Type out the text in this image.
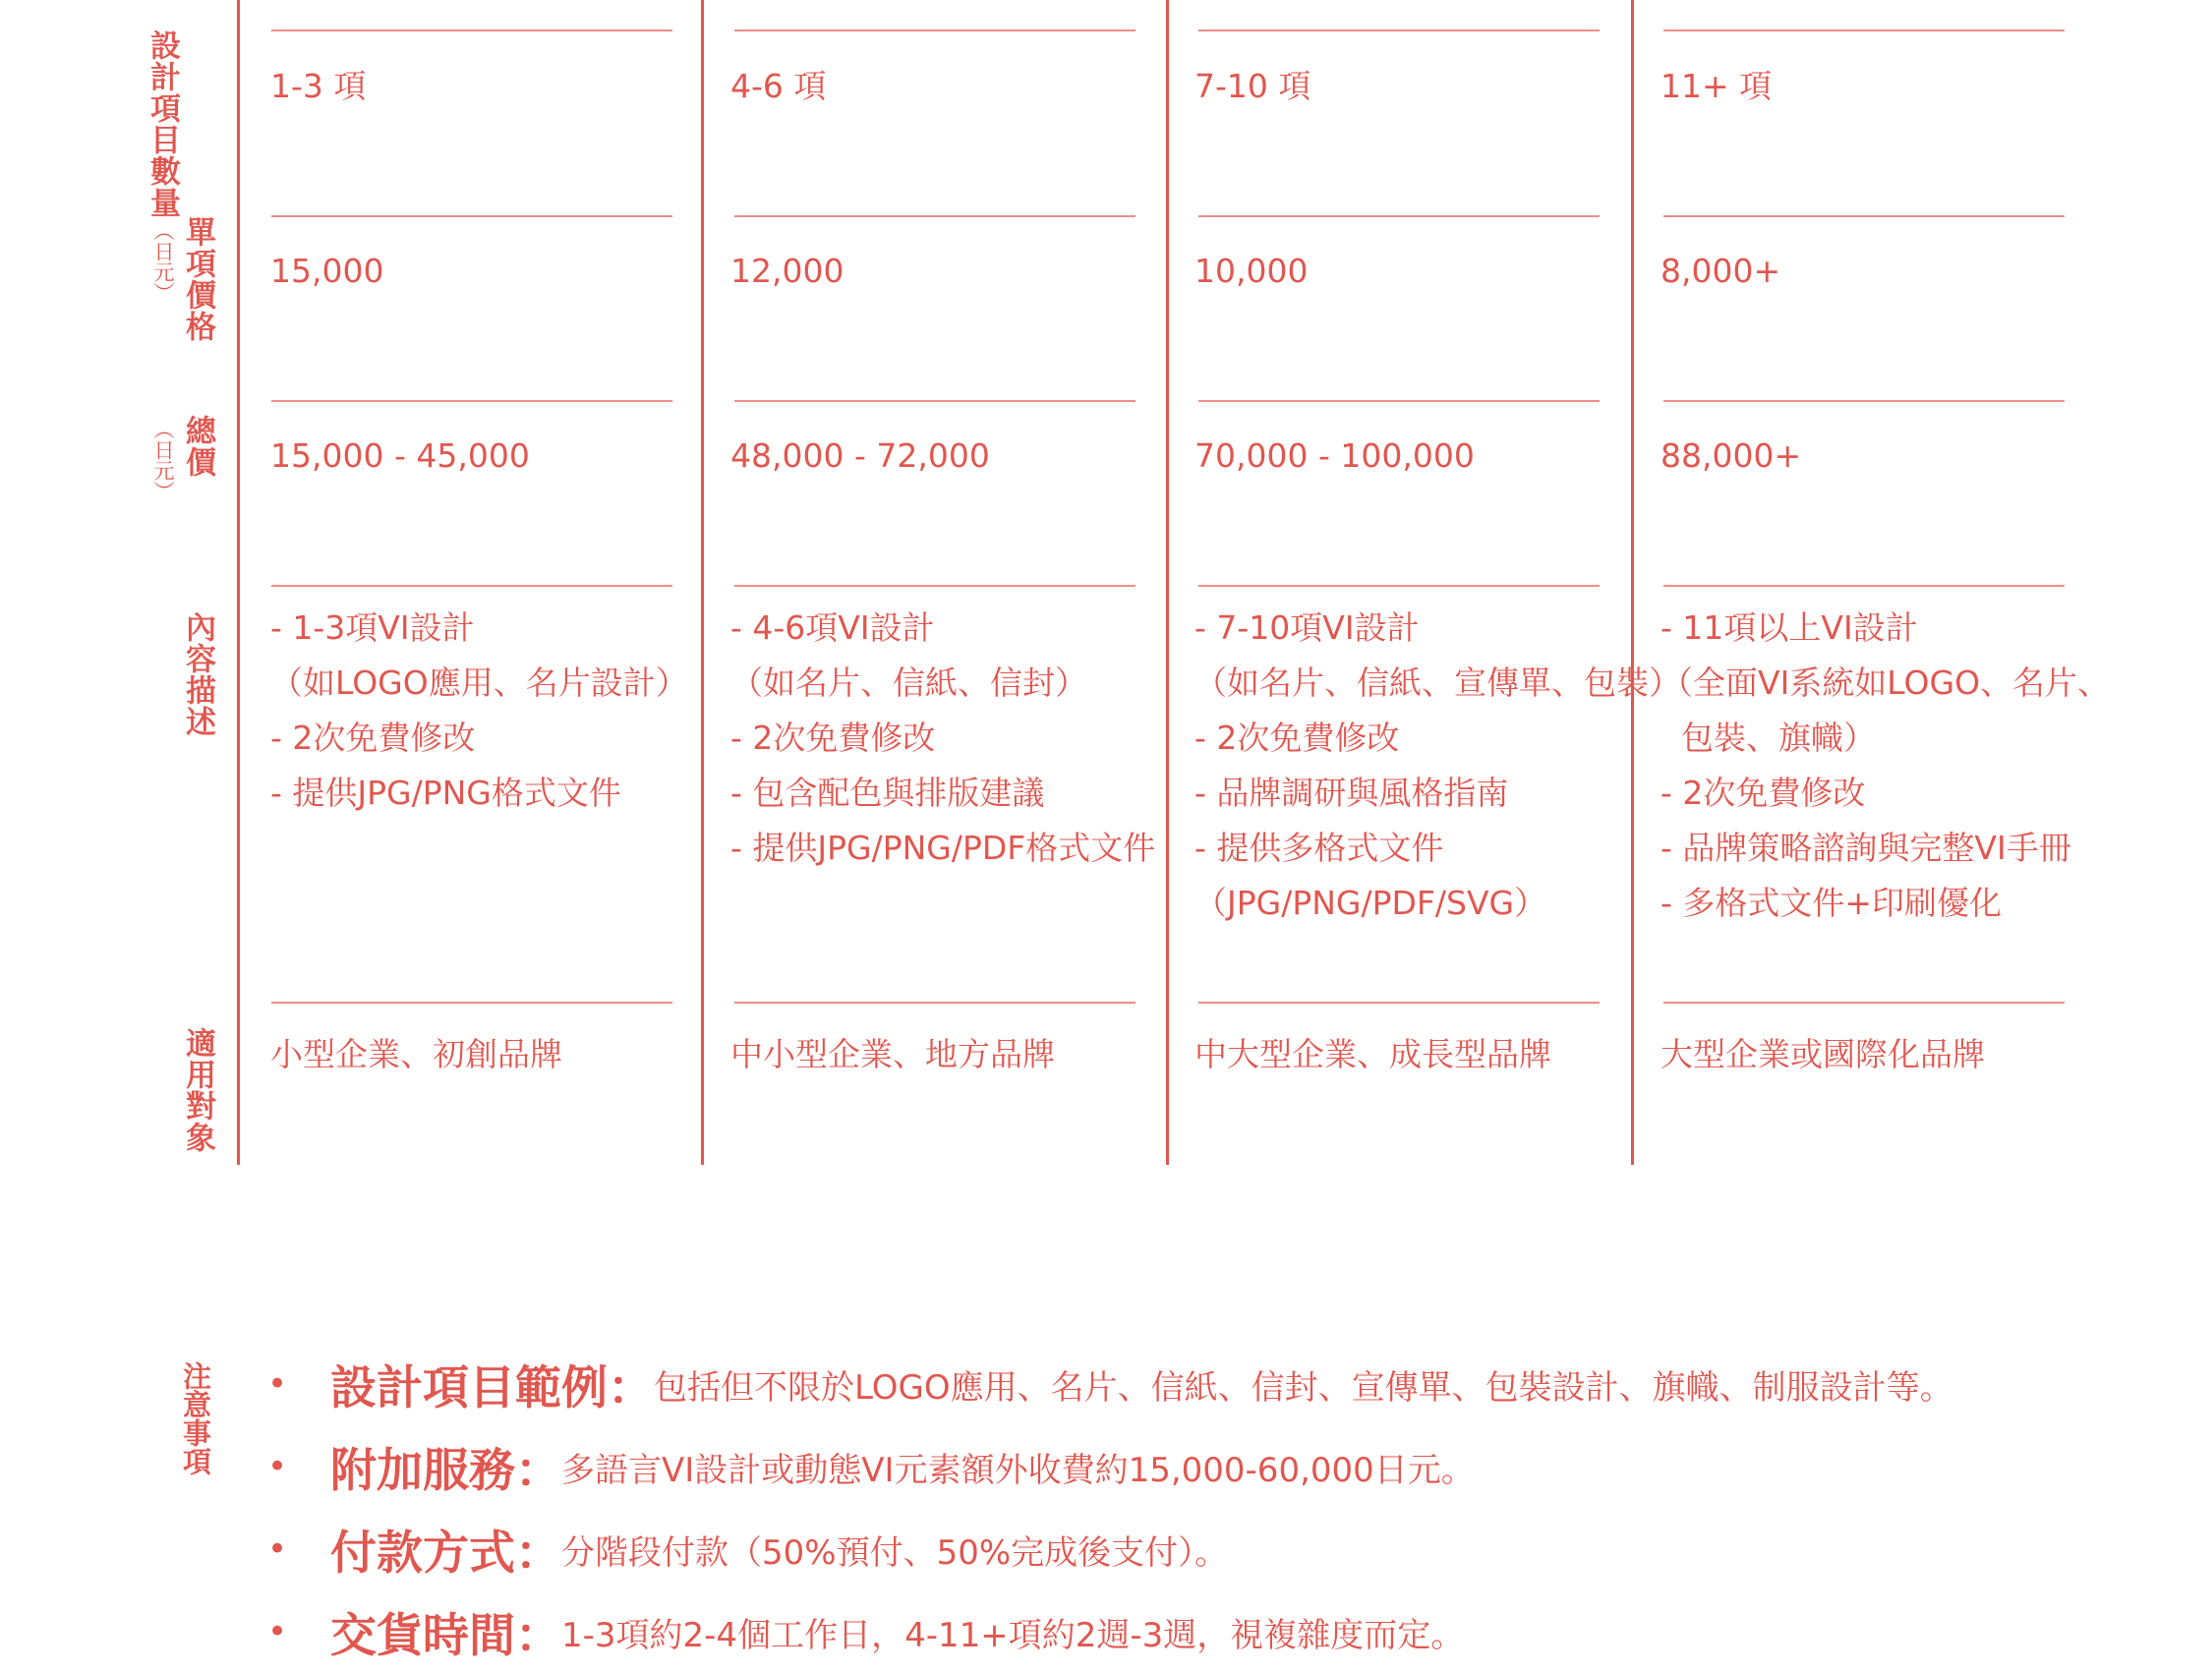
設計項目數量
單項價格
（日元）
總價
（日元）
內容描述
適用對象
1-3 項
15,000
15,000 - 45,000

- 1-3項VI設計

（如LOGO應用、名片設計）

- 2次免費修改

- 提供JPG/PNG格式文件

小型企業、初創品牌
4-6 項
12,000
48,000 - 72,000

- 4-6項VI設計

（如名片、信紙、信封）

- 2次免費修改

- 包含配色與排版建議

- 提供JPG/PNG/PDF格式文件

中小型企業、地方品牌
7-10 項
10,000
70,000 - 100,000

- 7-10項VI設計

（如名片、信紙、宣傳單、包裝）

- 2次免費修改

- 品牌調研與風格指南

- 提供多格式文件

（JPG/PNG/PDF/SVG）

中大型企業、成長型品牌
11+ 項
8,000+
88,000+

- 11項以上VI設計

（全面VI系統如LOGO、名片、

包裝、旗幟）

- 2次免費修改

- 品牌策略諮詢與完整VI手冊

- 多格式文件+印刷優化

大型企業或國際化品牌
注意事項 • 設計項目範例： 包括但不限於LOGO應用、名片、信紙、信封、宣傳單、包裝設計、旗幟、制服設計等。
• 附加服務： 多語言VI設計或動態VI元素額外收費約15,000-60,000日元。
• 付款方式： 分階段付款（50%預付、50%完成後支付）。
• 交貨時間： 1-3項約2-4個工作日，4-11+項約2週-3週，視複雜度而定。
